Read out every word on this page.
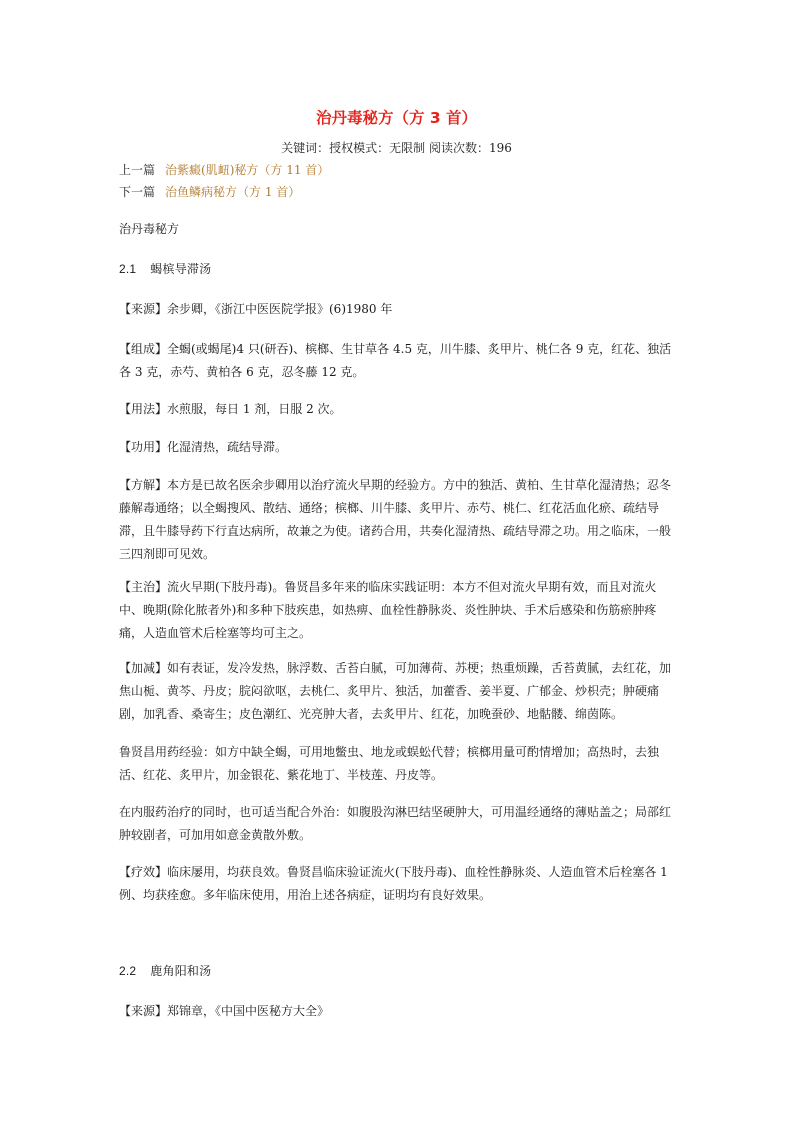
治丹毒秘方（方 3 首）
关键词：授权模式：无限制 阅读次数：196
上一篇 治紫癜(肌衄)秘方（方 11 首）
下一篇 治鱼鳞病秘方（方 1 首）
治丹毒秘方
2.1 蝎槟导滞汤
【来源】余步卿，《浙江中医医院学报》(6)1980 年
【组成】全蝎(或蝎尾)4 只(研吞)、槟榔、生甘草各 4.5 克，川牛膝、炙甲片、桃仁各 9 克，红花、独活各 3 克，赤芍、黄柏各 6 克，忍冬藤 12 克。
【用法】水煎服，每日 1 剂，日服 2 次。
【功用】化湿清热，疏结导滞。
【方解】本方是已故名医余步卿用以治疗流火早期的经验方。方中的独活、黄柏、生甘草化湿清热；忍冬藤解毒通络；以全蝎搜风、散结、通络；槟榔、川牛膝、炙甲片、赤芍、桃仁、红花活血化瘀、疏结导滞，且牛膝导药下行直达病所，故兼之为使。诸药合用，共奏化湿清热、疏结导滞之功。用之临床，一般三四剂即可见效。
【主治】流火早期(下肢丹毒)。鲁贤昌多年来的临床实践证明：本方不但对流火早期有效，而且对流火中、晚期(除化脓者外)和多种下肢疾患，如热痹、血栓性静脉炎、炎性肿块、手术后感染和伤筋瘀肿疼痛，人造血管术后栓塞等均可主之。
【加减】如有表证，发冷发热，脉浮数、舌苔白腻，可加薄荷、苏梗；热重烦躁，舌苔黄腻，去红花，加焦山栀、黄芩、丹皮；脘闷欲呕，去桃仁、炙甲片、独活，加藿香、姜半夏、广郁金、炒枳壳；肿硬痛剧，加乳香、桑寄生；皮色潮红、光亮肿大者，去炙甲片、红花，加晚蚕砂、地骷髅、绵茵陈。
鲁贤昌用药经验：如方中缺全蝎，可用地鳖虫、地龙或蜈蚣代替；槟榔用量可酌情增加；高热时，去独活、红花、炙甲片，加金银花、紫花地丁、半枝莲、丹皮等。
在内服药治疗的同时，也可适当配合外治：如腹股沟淋巴结坚硬肿大，可用温经通络的薄贴盖之；局部红肿较剧者，可加用如意金黄散外敷。
【疗效】临床屡用，均获良效。鲁贤昌临床验证流火(下肢丹毒)、血栓性静脉炎、人造血管术后栓塞各 1 例、均获痊愈。多年临床使用，用治上述各病症，证明均有良好效果。
2.2 鹿角阳和汤
【来源】郑锦章，《中国中医秘方大全》
